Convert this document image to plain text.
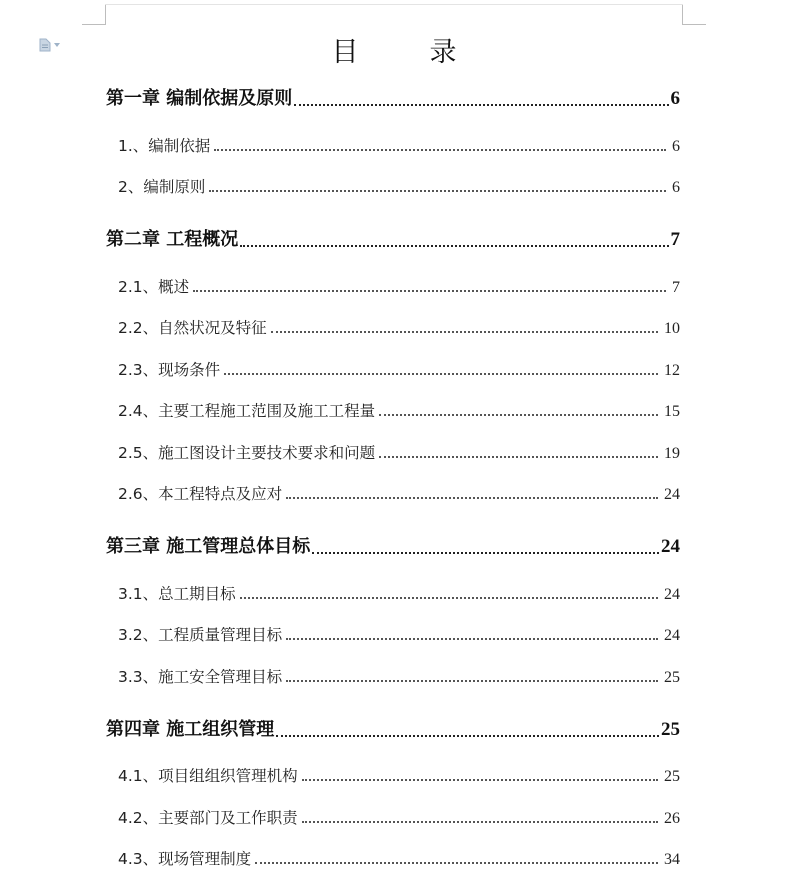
目　录
第一章 编制依据及原则	6
1.、编制依据	6
2、编制原则	6
第二章 工程概况	7
2.1、概述	7
2.2、自然状况及特征	10
2.3、现场条件	12
2.4、主要工程施工范围及施工工程量	15
2.5、施工图设计主要技术要求和问题	19
2.6、本工程特点及应对	24
第三章 施工管理总体目标	24
3.1、总工期目标	24
3.2、工程质量管理目标	24
3.3、施工安全管理目标	25
第四章 施工组织管理	25
4.1、项目组组织管理机构	25
4.2、主要部门及工作职责	26
4.3、现场管理制度	34
